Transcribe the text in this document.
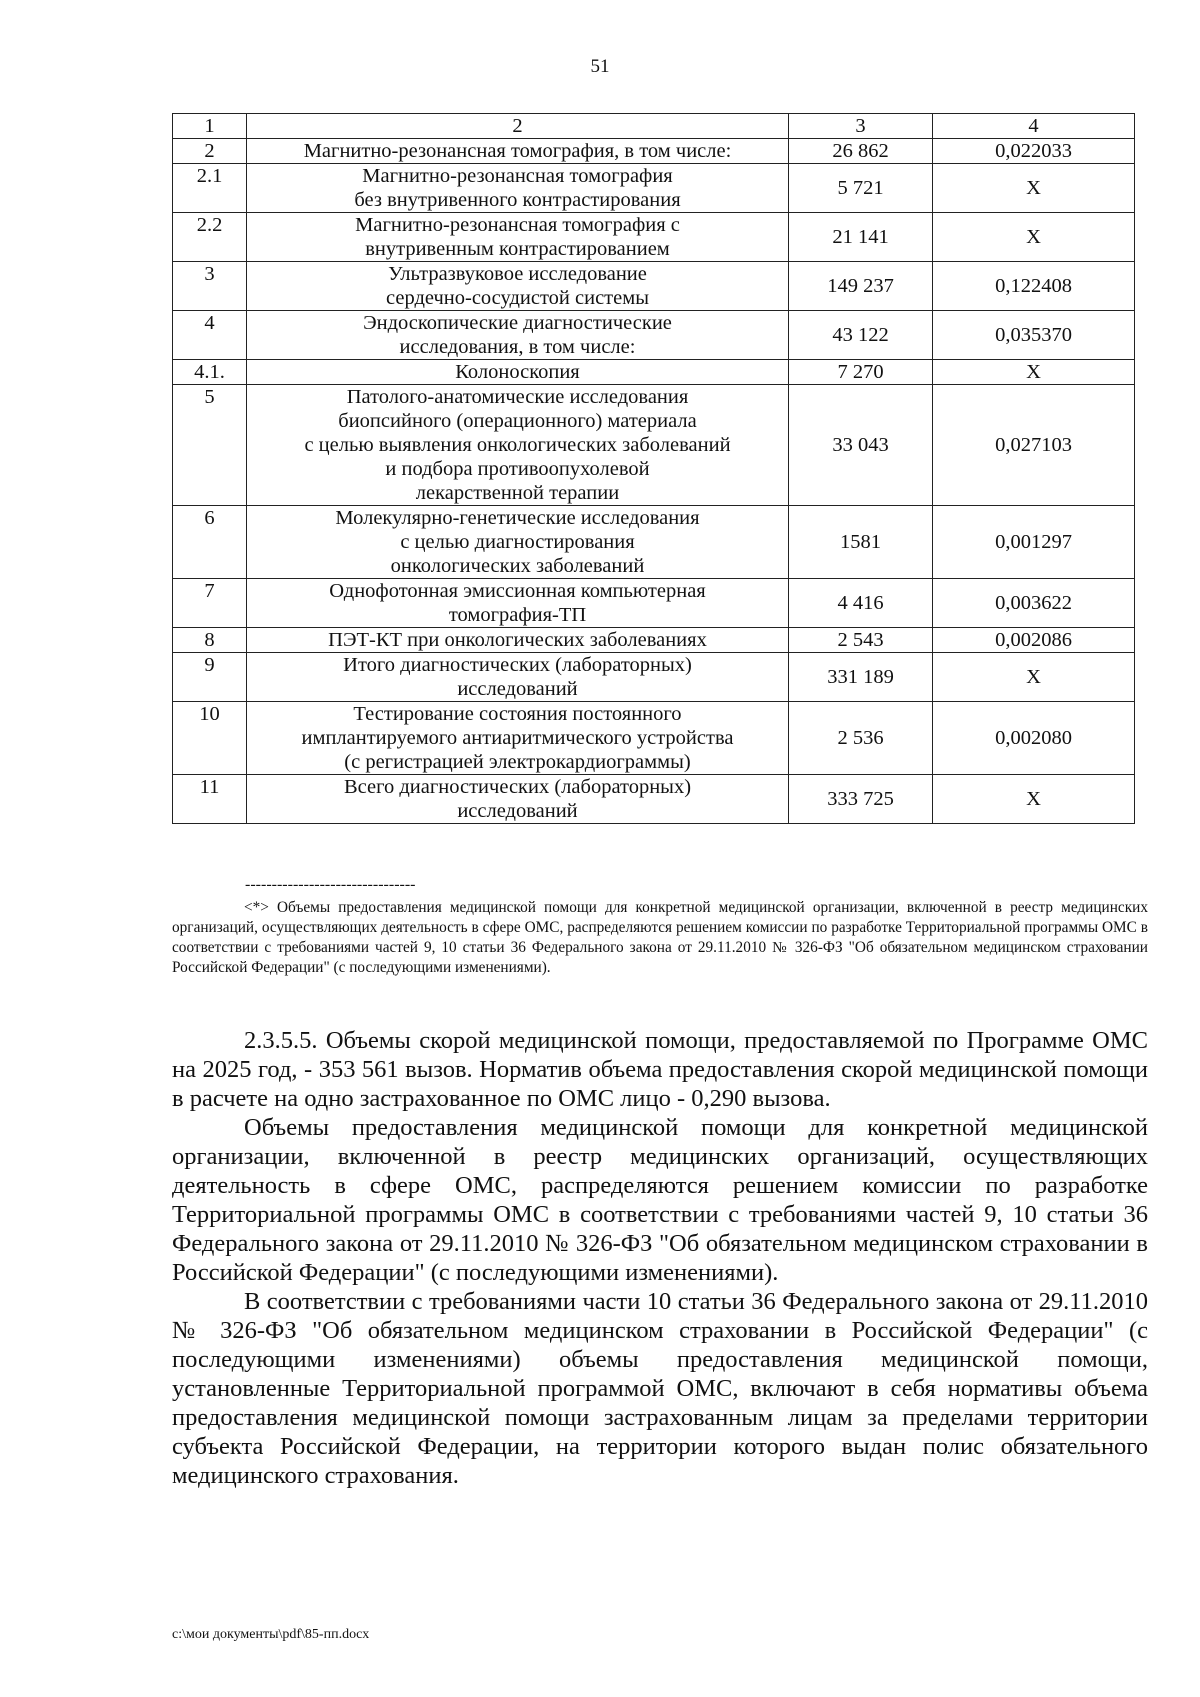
51
1	2	3	4
2	Магнитно-резонансная томография, в том числе:	26 862	0,022033
2.1	Магнитно-резонансная томография
без внутривенного контрастирования	5 721	X
2.2	Магнитно-резонансная томография с
внутривенным контрастированием	21 141	X
3	Ультразвуковое исследование
сердечно-сосудистой системы	149 237	0,122408
4	Эндоскопические диагностические
исследования, в том числе:	43 122	0,035370
4.1.	Колоноскопия	7 270	X
5	Патолого-анатомические исследования
биопсийного (операционного) материала
с целью выявления онкологических заболеваний
и подбора противоопухолевой
лекарственной терапии	33 043	0,027103
6	Молекулярно-генетические исследования
с целью диагностирования
онкологических заболеваний	1581	0,001297
7	Однофотонная эмиссионная компьютерная
томография-ТП	4 416	0,003622
8	ПЭТ-КТ при онкологических заболеваниях	2 543	0,002086
9	Итого диагностических (лабораторных)
исследований	331 189	X
10	Тестирование состояния постоянного
имплантируемого антиаритмического устройства
(с регистрацией электрокардиограммы)	2 536	0,002080
11	Всего диагностических (лабораторных)
исследований	333 725	X
--------------------------------
<*> Объемы предоставления медицинской помощи для конкретной медицинской организации, включенной в реестр медицинских организаций, осуществляющих деятельность в сфере ОМС, распределяются решением комиссии по разработке Территориальной программы ОМС в соответствии с требованиями частей 9, 10 статьи 36 Федерального закона от 29.11.2010 № 326-ФЗ "Об обязательном медицинском страховании Российской Федерации" (с последующими изменениями).

2.3.5.5. Объемы скорой медицинской помощи, предоставляемой по Программе ОМС на 2025 год, - 353 561 вызов. Норматив объема предоставления скорой медицинской помощи в расчете на одно застрахованное по ОМС лицо - 0,290 вызова.

Объемы предоставления медицинской помощи для конкретной медицинской организации, включенной в реестр медицинских организаций, осуществляющих деятельность в сфере ОМС, распределяются решением комиссии по разработке Территориальной программы ОМС в соответствии с требованиями частей 9, 10 статьи 36 Федерального закона от 29.11.2010 № 326-ФЗ "Об обязательном медицинском страховании в Российской Федерации" (с последующими изменениями).

В соответствии с требованиями части 10 статьи 36 Федерального закона от 29.11.2010 № 326-ФЗ "Об обязательном медицинском страховании в Российской Федерации" (с последующими изменениями) объемы предоставления медицинской помощи, установленные Территориальной программой ОМС, включают в себя нормативы объема предоставления медицинской помощи застрахованным лицам за пределами территории субъекта Российской Федерации, на территории которого выдан полис обязательного медицинского страхования.

c:\мои документы\pdf\85-пп.docx
